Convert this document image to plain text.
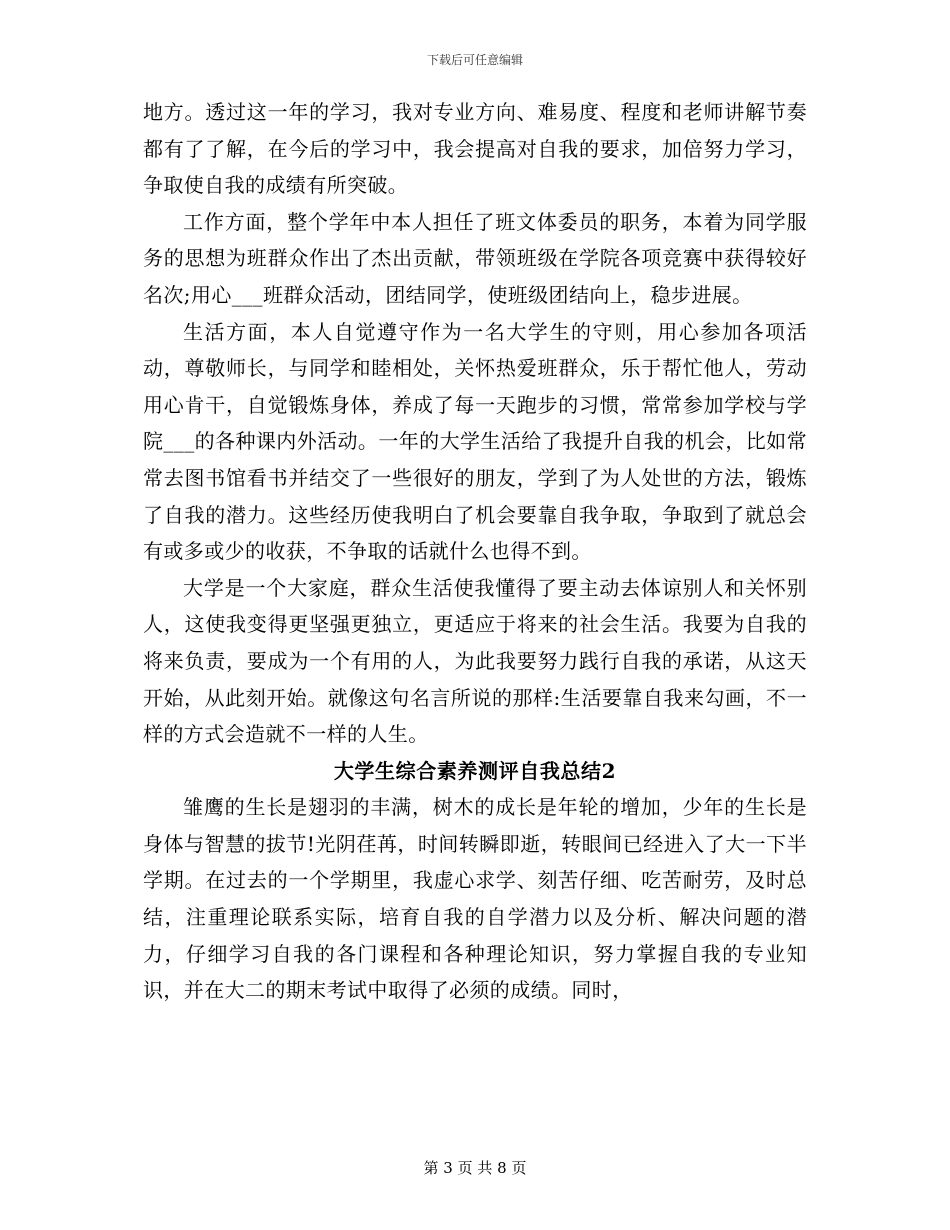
下载后可任意编辑

地方。透过这一年的学习，我对专业方向、难易度、程度和老师讲解节奏都有了了解，在今后的学习中，我会提高对自我的要求，加倍努力学习，争取使自我的成绩有所突破。

工作方面，整个学年中本人担任了班文体委员的职务，本着为同学服务的思想为班群众作出了杰出贡献，带领班级在学院各项竞赛中获得较好名次;用心___班群众活动，团结同学，使班级团结向上，稳步进展。

生活方面，本人自觉遵守作为一名大学生的守则，用心参加各项活动，尊敬师长，与同学和睦相处，关怀热爱班群众，乐于帮忙他人，劳动用心肯干，自觉锻炼身体，养成了每一天跑步的习惯，常常参加学校与学院___的各种课内外活动。一年的大学生活给了我提升自我的机会，比如常常去图书馆看书并结交了一些很好的朋友，学到了为人处世的方法，锻炼了自我的潜力。这些经历使我明白了机会要靠自我争取，争取到了就总会有或多或少的收获，不争取的话就什么也得不到。

大学是一个大家庭，群众生活使我懂得了要主动去体谅别人和关怀别人，这使我变得更坚强更独立，更适应于将来的社会生活。我要为自我的将来负责，要成为一个有用的人，为此我要努力践行自我的承诺，从这天开始，从此刻开始。就像这句名言所说的那样:生活要靠自我来勾画，不一样的方式会造就不一样的人生。

大学生综合素养测评自我总结2

雏鹰的生长是翅羽的丰满，树木的成长是年轮的增加，少年的生长是身体与智慧的拔节!光阴荏苒，时间转瞬即逝，转眼间已经进入了大一下半学期。在过去的一个学期里，我虚心求学、刻苦仔细、吃苦耐劳，及时总结，注重理论联系实际，培育自我的自学潜力以及分析、解决问题的潜力，仔细学习自我的各门课程和各种理论知识，努力掌握自我的专业知识，并在大二的期末考试中取得了必须的成绩。同时，

第 3 页 共 8 页
